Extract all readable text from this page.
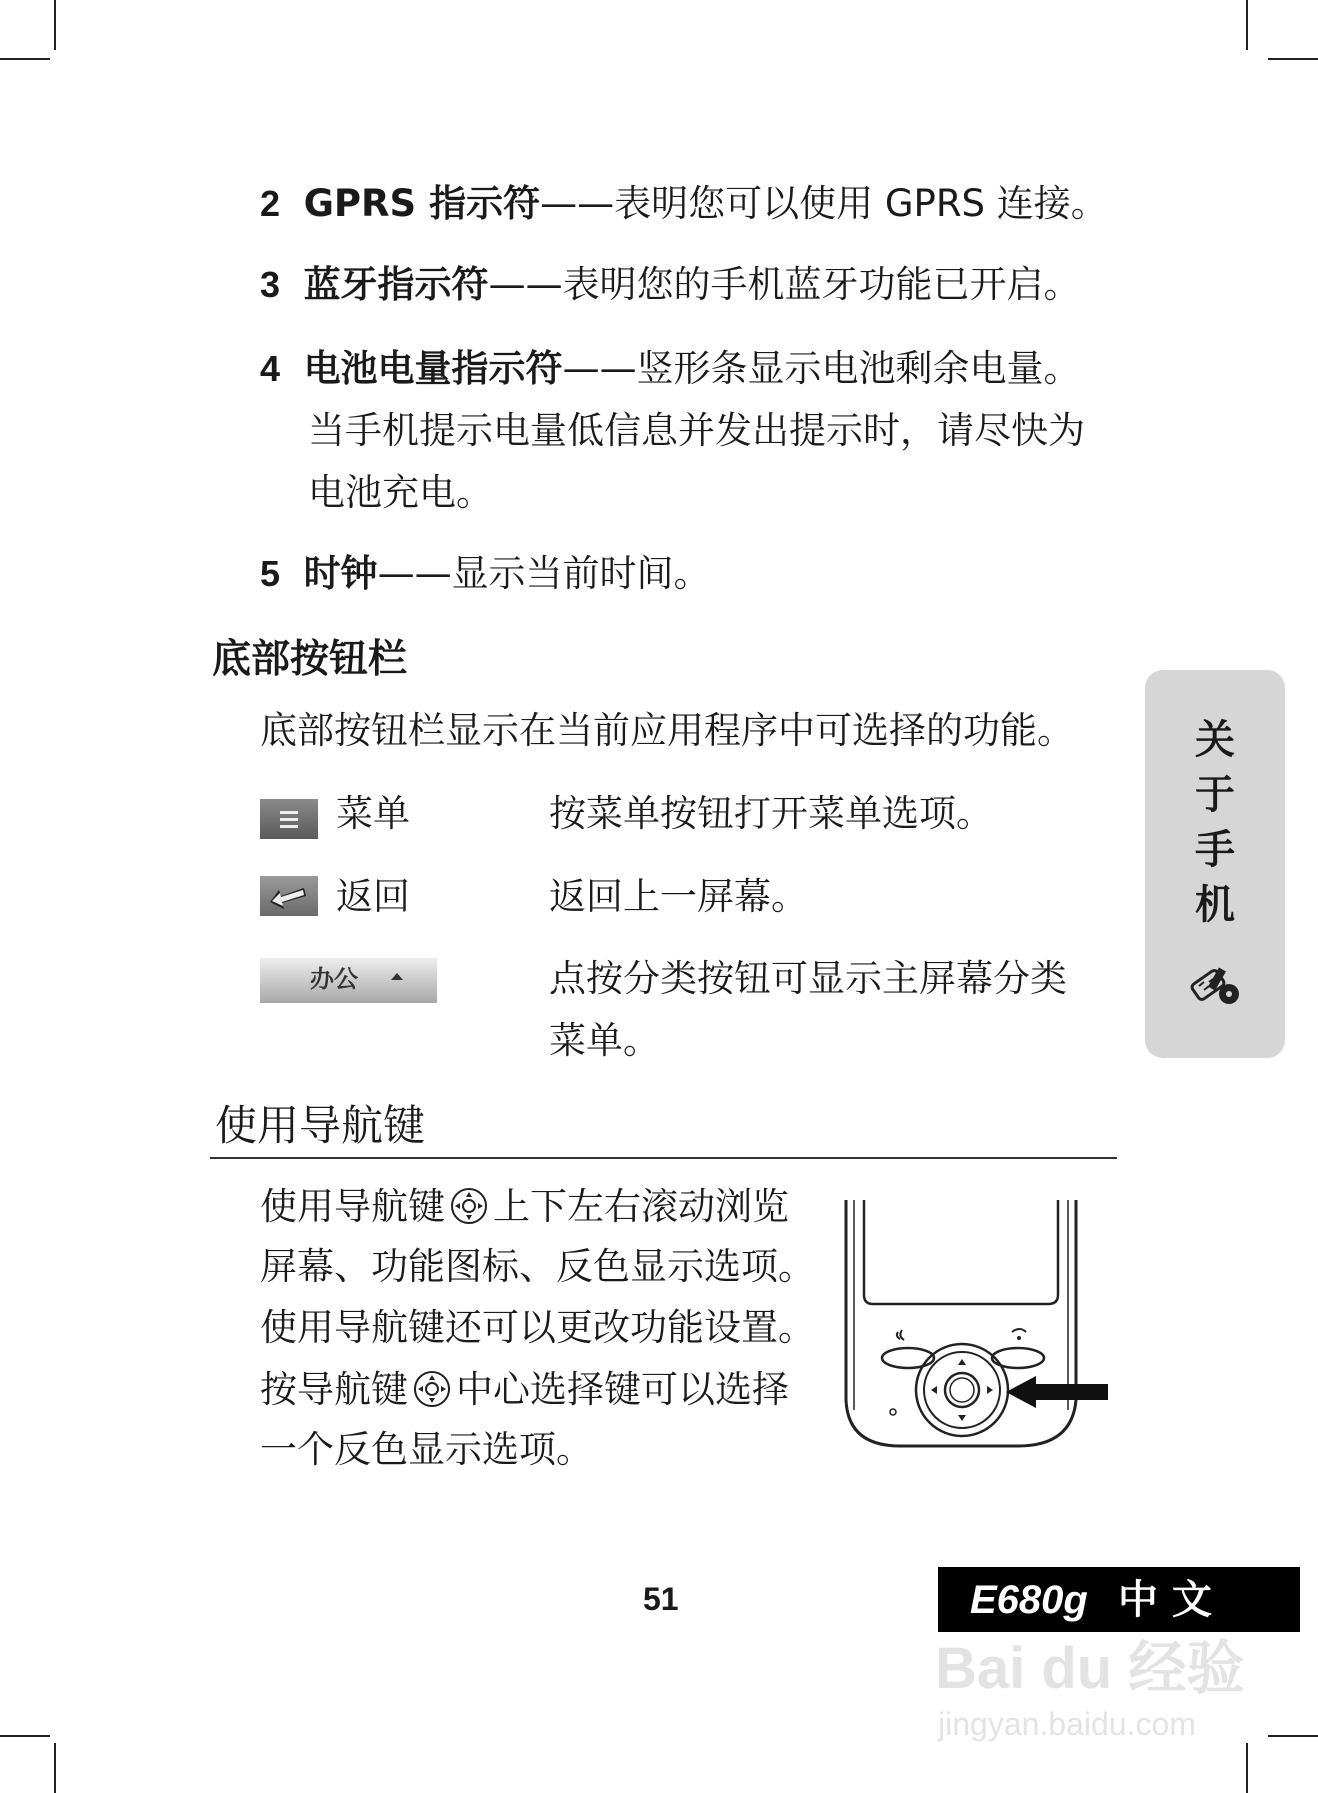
2 GPRS 指示符——表明您可以使用 GPRS 连接。
3 蓝牙指示符——表明您的手机蓝牙功能已开启。
4 电池电量指示符——竖形条显示电池剩余电量。
当手机提示电量低信息并发出提示时，请尽快为
电池充电。
5 时钟——显示当前时间。
底部按钮栏
底部按钮栏显示在当前应用程序中可选择的功能。
菜单	按菜单按钮打开菜单选项。
返回	返回上一屏幕。
办公	点按分类按钮可显示主屏幕分类
菜单。
使用导航键
使用导航键 上下左右滚动浏览
屏幕、功能图标、反色显示选项。
使用导航键还可以更改功能设置。
按导航键 中心选择键可以选择
一个反色显示选项。
关
于
手
机
51	E680g 中 文
Bai du 经验
jingyan.baidu.com
